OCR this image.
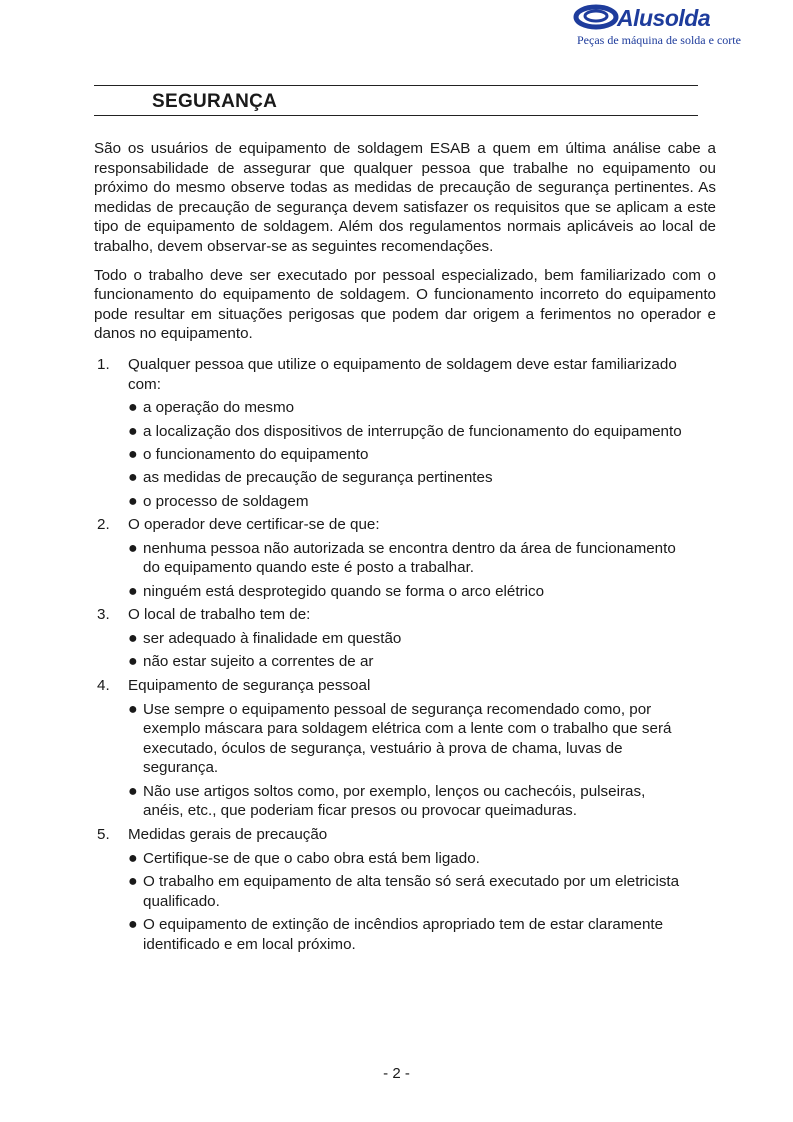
Alusolda
Peças de máquina de solda e corte
SEGURANÇA

São os usuários de equipamento de soldagem ESAB a quem em última análise cabe a responsabilidade de assegurar que qualquer pessoa que trabalhe no equipamento ou próximo do mesmo observe todas as medidas de precaução de segurança pertinentes. As medidas de precaução de segurança devem satisfazer os requisitos que se aplicam a este tipo de equipamento de soldagem. Além dos regulamentos normais aplicáveis ao local de trabalho, devem observar-se as seguintes recomendações.

Todo o trabalho deve ser executado por pessoal especializado, bem familiarizado com o funcionamento do equipamento de soldagem. O funcionamento incorreto do equipamento pode resultar em situações perigosas que podem dar origem a ferimentos no operador e danos no equipamento.

1.	Qualquer pessoa que utilize o equipamento de soldagem deve estar familiarizado com:
● a operação do mesmo
● a localização dos dispositivos de interrupção de funcionamento do equipamento
● o funcionamento do equipamento
● as medidas de precaução de segurança pertinentes
● o processo de soldagem
2.	O operador deve certificar-se de que:
● nenhuma pessoa não autorizada se encontra dentro da área de funcionamento do equipamento quando este é posto a trabalhar.
● ninguém está desprotegido quando se forma o arco elétrico
3.	O local de trabalho tem de:
● ser adequado à finalidade em questão
● não estar sujeito a correntes de ar
4.	Equipamento de segurança pessoal
● Use sempre o equipamento pessoal de segurança recomendado como, por exemplo máscara para soldagem elétrica com a lente com o trabalho que será executado, óculos de segurança, vestuário à prova de chama, luvas de segurança.
● Não use artigos soltos como, por exemplo, lenços ou cachecóis, pulseiras, anéis, etc., que poderiam ficar presos ou provocar queimaduras.
5.	Medidas gerais de precaução
● Certifique-se de que o cabo obra está bem ligado.
● O trabalho em equipamento de alta tensão só será executado por um eletricista qualificado.
● O equipamento de extinção de incêndios apropriado tem de estar claramente identificado e em local próximo.
- 2 -
